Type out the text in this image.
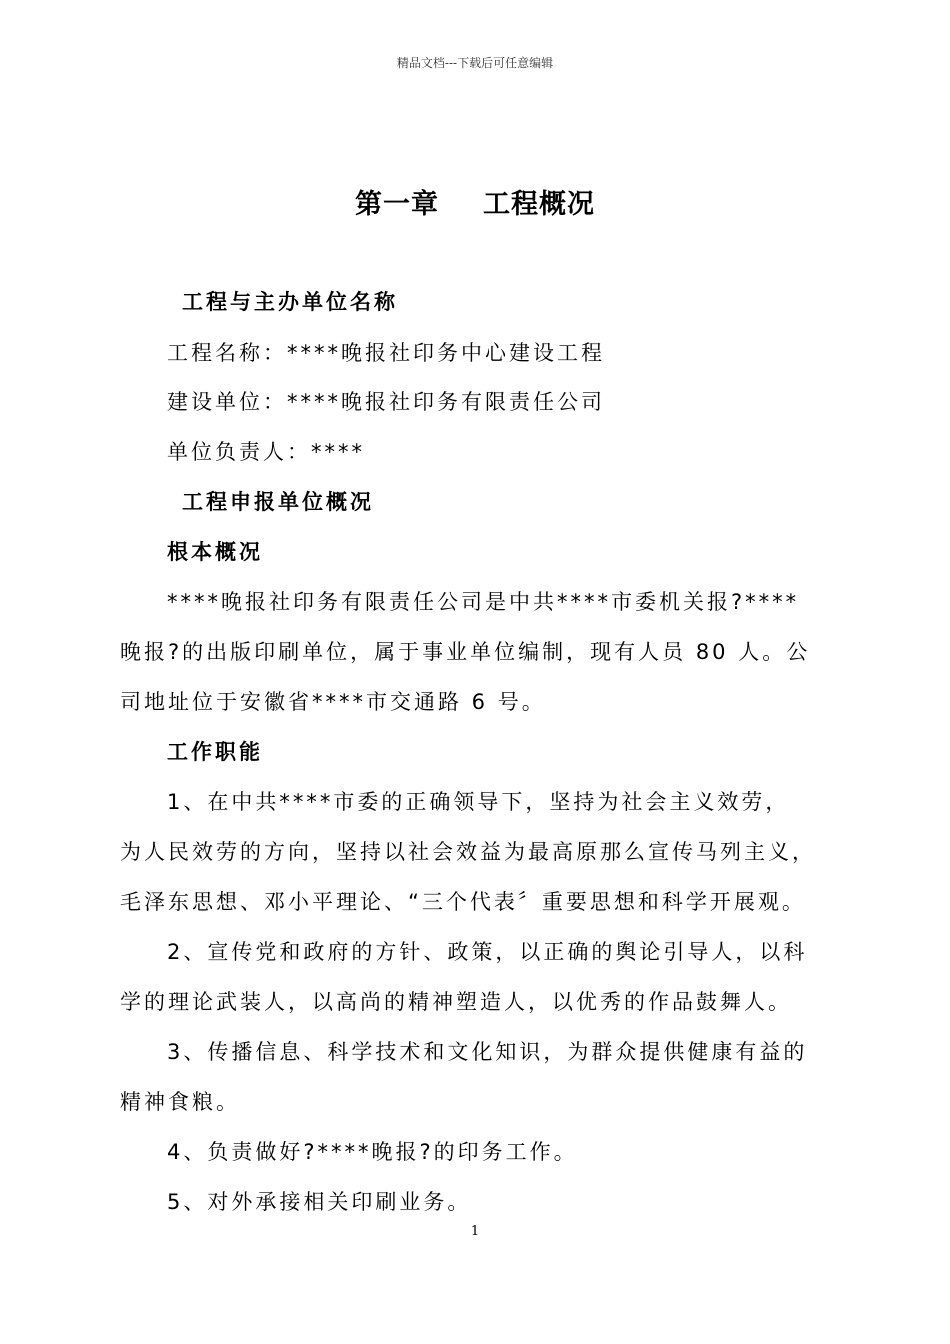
精品文档---下载后可任意编辑
第一章 工程概况
工程与主办单位名称
工程名称：****晚报社印务中心建设工程
建设单位：****晚报社印务有限责任公司
单位负责人：****
工程申报单位概况
根本概况
****晚报社印务有限责任公司是中共****市委机关报?****
晚报?的出版印刷单位，属于事业单位编制，现有人员 80 人。公
司地址位于安徽省****市交通路 6 号。
工作职能
1、在中共****市委的正确领导下，坚持为社会主义效劳，
为人民效劳的方向，坚持以社会效益为最高原那么宣传马列主义，
毛泽东思想、邓小平理论、“三个代表〞重要思想和科学开展观。
2、宣传党和政府的方针、政策，以正确的舆论引导人，以科
学的理论武装人，以高尚的精神塑造人，以优秀的作品鼓舞人。
3、传播信息、科学技术和文化知识，为群众提供健康有益的
精神食粮。
4、负责做好?****晚报?的印务工作。
5、对外承接相关印刷业务。
1
